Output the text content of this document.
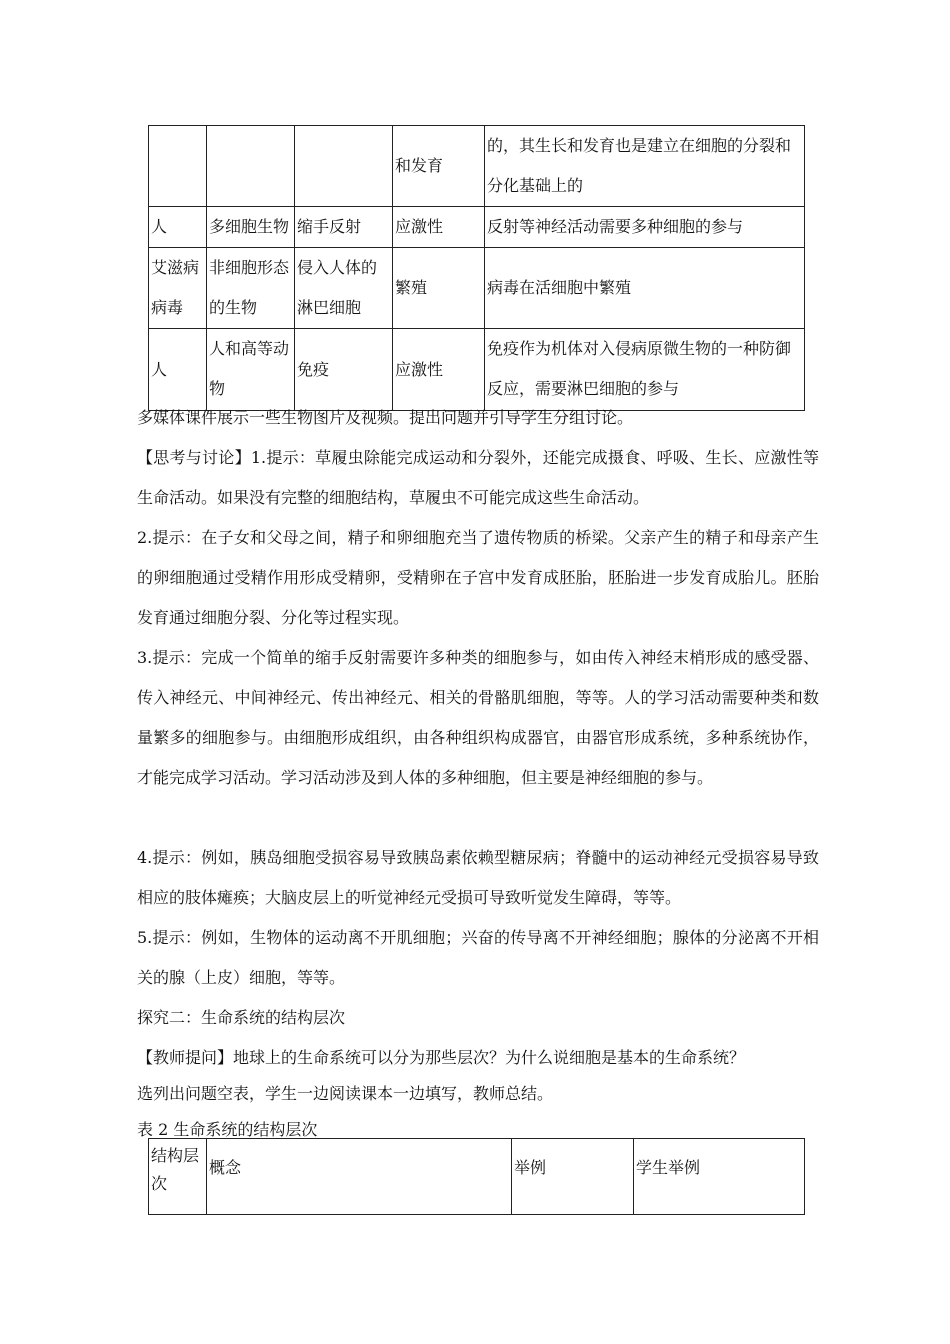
			和发育	的，其生长和发育也是建立在细胞的分裂和分化基础上的
人	多细胞生物	缩手反射	应激性	反射等神经活动需要多种细胞的参与
艾滋病病毒	非细胞形态的生物	侵入人体的淋巴细胞	繁殖	病毒在活细胞中繁殖
人	人和高等动物	免疫	应激性	免疫作为机体对入侵病原微生物的一种防御反应，需要淋巴细胞的参与
多媒体课件展示一些生物图片及视频。提出问题并引导学生分组讨论。
【思考与讨论】1.提示：草履虫除能完成运动和分裂外，还能完成摄食、呼吸、生长、应激性等生命活动。如果没有完整的细胞结构，草履虫不可能完成这些生命活动。
2.提示：在子女和父母之间，精子和卵细胞充当了遗传物质的桥梁。父亲产生的精子和母亲产生的卵细胞通过受精作用形成受精卵，受精卵在子宫中发育成胚胎，胚胎进一步发育成胎儿。胚胎发育通过细胞分裂、分化等过程实现。
3.提示：完成一个简单的缩手反射需要许多种类的细胞参与，如由传入神经末梢形成的感受器、传入神经元、中间神经元、传出神经元、相关的骨骼肌细胞，等等。人的学习活动需要种类和数量繁多的细胞参与。由细胞形成组织，由各种组织构成器官，由器官形成系统，多种系统协作，才能完成学习活动。学习活动涉及到人体的多种细胞，但主要是神经细胞的参与。
4.提示：例如，胰岛细胞受损容易导致胰岛素依赖型糖尿病；脊髓中的运动神经元受损容易导致相应的肢体瘫痪；大脑皮层上的听觉神经元受损可导致听觉发生障碍，等等。
5.提示：例如，生物体的运动离不开肌细胞；兴奋的传导离不开神经细胞；腺体的分泌离不开相关的腺（上皮）细胞，等等。
探究二：生命系统的结构层次
【教师提问】地球上的生命系统可以分为那些层次？为什么说细胞是基本的生命系统？
选列出问题空表，学生一边阅读课本一边填写，教师总结。
表 2 生命系统的结构层次
结构层次	概念	举例	学生举例
